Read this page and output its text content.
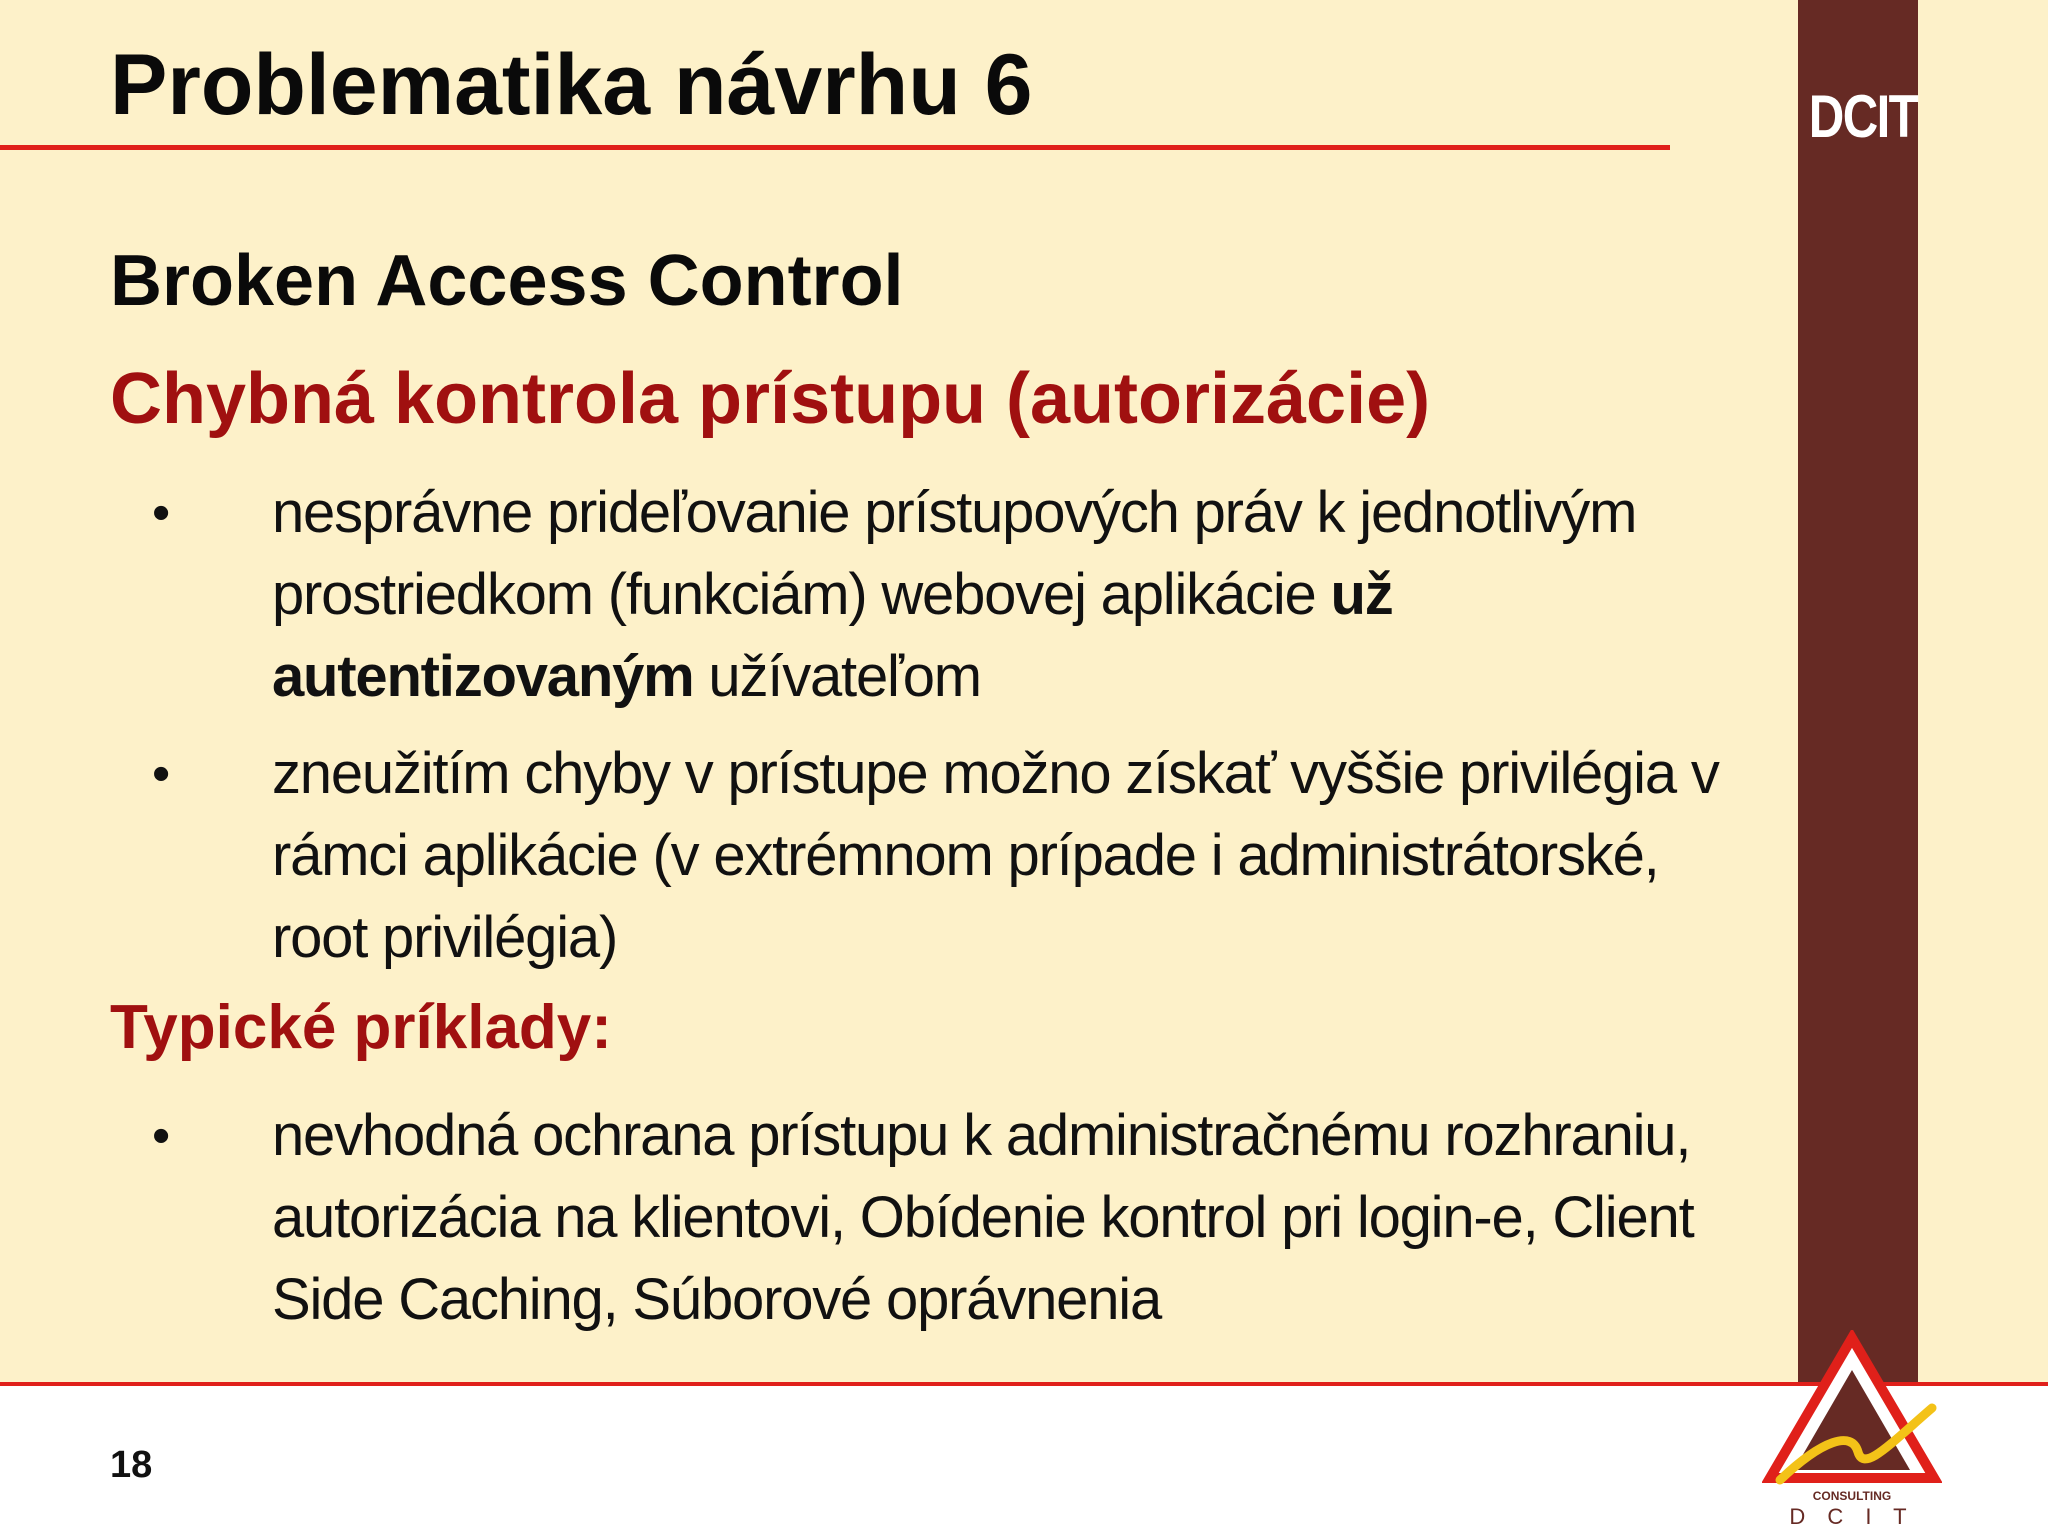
DCIT
Problematika návrhu 6
Broken Access Control
Chybná kontrola prístupu (autorizácie)
• nesprávne prideľovanie prístupových práv k jednotlivým prostriedkom (funkciám) webovej aplikácie už autentizovaným užívateľom
• zneužitím chyby v prístupe možno získať vyššie privilégia v rámci aplikácie (v extrémnom prípade i administrátorské, root privilégia)
Typické príklady:
• nevhodná ochrana prístupu k administračnému rozhraniu, autorizácia na klientovi, Obídenie kontrol pri login-e, Client Side Caching, Súborové oprávnenia
18
CONSULTING
D C I T
